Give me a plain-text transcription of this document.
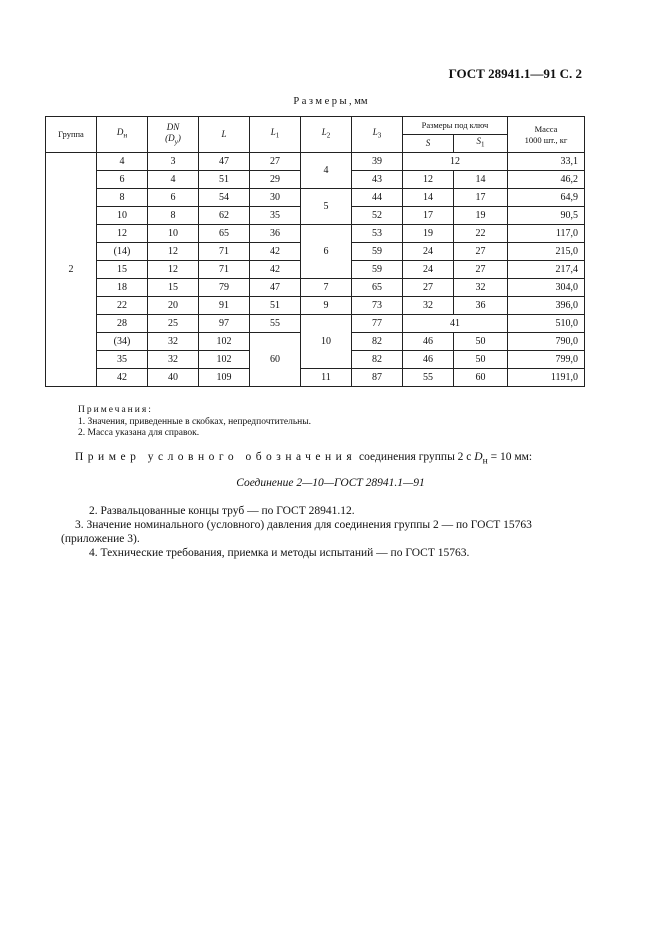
ГОСТ 28941.1—91 С. 2
Размеры, мм
Группа	$D_н$	DN
$(D_y)$	L	$L_1$	$L_2$	$L_3$	Размеры под ключ		Масса
1000 шт., кг
							S	$S_1$
2	4	3	47	27	4	39	12		33,1
	6	4	51	29		43	12	14	46,2
	8	6	54	30	5	44	14	17	64,9
	10	8	62	35		52	17	19	90,5
	12	10	65	36	6	53	19	22	117,0
	(14)	12	71	42		59	24	27	215,0
	15	12	71	42		59	24	27	217,4
	18	15	79	47	7	65	27	32	304,0
	22	20	91	51	9	73	32	36	396,0
	28	25	97	55	10	77	41		510,0
	(34)	32	102	60		82	46	50	790,0
	35	32	102			82	46	50	799,0
	42	40	109		11	87	55	60	1191,0
Примечания:
1. Значения, приведенные в скобках, непредпочтительны.
2. Масса указана для справок.
Пример условного обозначения соединения группы 2 с $D_н = 10$ мм:
Соединение 2—10—ГОСТ 28941.1—91
2. Развальцованные концы труб — по ГОСТ 28941.12.
3. Значение номинального (условного) давления для соединения группы 2 — по ГОСТ 15763
(приложение 3).
4. Технические требования, приемка и методы испытаний — по ГОСТ 15763.
